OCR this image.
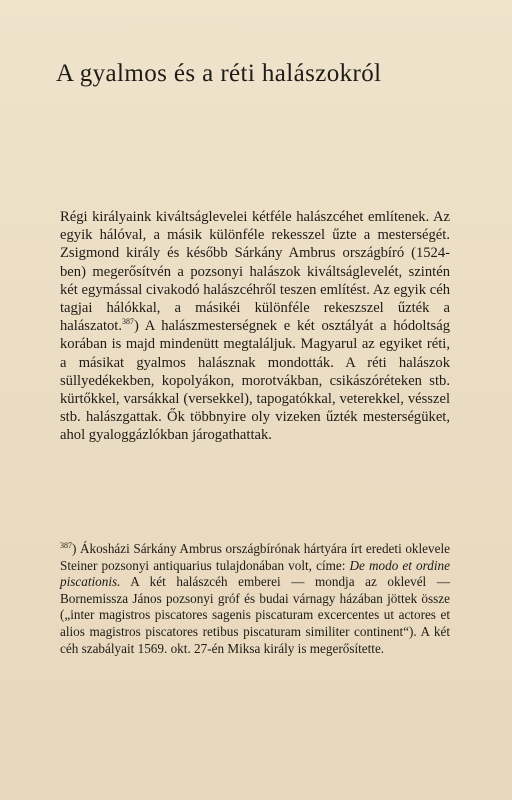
A gyalmos és a réti halászokról

Régi királyaink kiváltságlevelei kétféle halászcéhet említenek. Az egyik hálóval, a másik különféle rekesszel űzte a mesterségét. Zsigmond király és később Sárkány Ambrus országbíró (1524-ben) megerősítvén a pozsonyi halászok kiváltságlevelét, szintén két egymással civakodó halászcéhről teszen említést. Az egyik céh tagjai hálókkal, a másikéi különféle rekeszszel űzték a halászatot.$^{387}$) A halászmesterségnek e két osztályát a hódoltság korában is majd mindenütt megtaláljuk. Magyarul az egyiket réti, a másikat gyalmos halásznak mondották. A réti halászok süllyedékekben, kopolyákon, morotvákban, csikászóréteken stb. kürtőkkel, varsákkal (versekkel), tapogatókkal, veterekkel, vésszel stb. halászgattak. Ők többnyire oly vizeken űzték mesterségüket, ahol gyaloggázlókban járogathattak.

$^{387}$) Ákosházi Sárkány Ambrus országbírónak hártyára írt eredeti oklevele Steiner pozsonyi antiquarius tulajdonában volt, címe: De modo et ordine piscationis. A két halászcéh emberei — mondja az oklevél — Bornemissza János pozsonyi gróf és budai várnagy házában jöttek össze („inter magistros piscatores sagenis piscaturam excercentes ut actores et alios magistros piscatores retibus piscaturam similiter continent“). A két céh szabályait 1569. okt. 27-én Miksa király is megerősítette.
